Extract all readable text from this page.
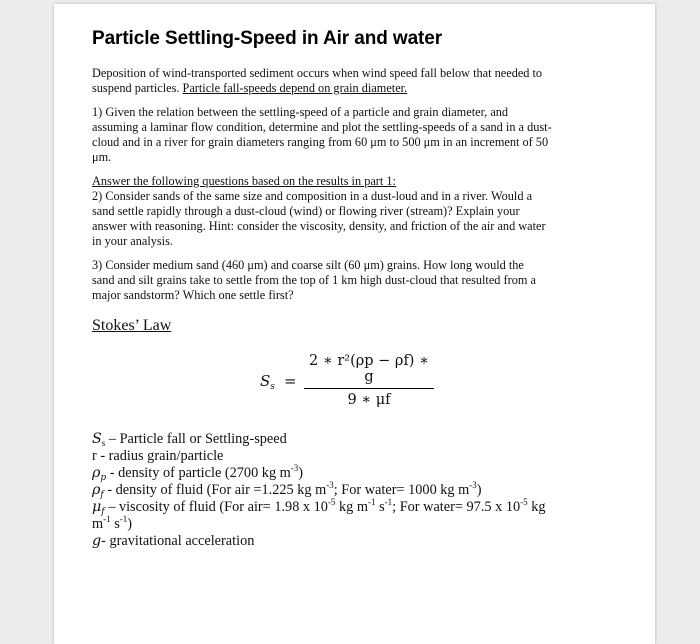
Particle Settling-Speed in Air and water

Deposition of wind-transported sediment occurs when wind speed fall below that needed to
suspend particles. Particle fall-speeds depend on grain diameter.

1) Given the relation between the settling-speed of a particle and grain diameter, and
assuming a laminar flow condition, determine and plot the settling-speeds of a sand in a dust-
cloud and in a river for grain diameters ranging from 60 μm to 500 μm in an increment of 50
μm.

Answer the following questions based on the results in part 1:
2) Consider sands of the same size and composition in a dust-loud and in a river. Would a
sand settle rapidly through a dust-cloud (wind) or flowing river (stream)? Explain your
answer with reasoning. Hint: consider the viscosity, density, and friction of the air and water
in your analysis.

3) Consider medium sand (460 μm) and coarse silt (60 μm) grains. How long would the
sand and silt grains take to settle from the top of 1 km high dust-cloud that resulted from a
major sandstorm? Which one settle first?

Stokes’ Law
$S_s$ =
2 ∗ r²(ρp − ρf) ∗ g
9 ∗ μf

$S_s$ – Particle fall or Settling-speed

r - radius grain/particle

$\rho_p$ - density of particle (2700 kg $m^{-3}$)

$\rho_f$ - density of fluid (For air =1.225 kg $m^{-3}$; For water= 1000 kg $m^{-3}$)

$\mu_f$ – viscosity of fluid (For air= 1.98 x $10^{-5}$ kg $m^{-1}$ $s^{-1}$; For water= 97.5 x $10^{-5}$ kg
$m^{-1}$ $s^{-1}$)

g- gravitational acceleration
